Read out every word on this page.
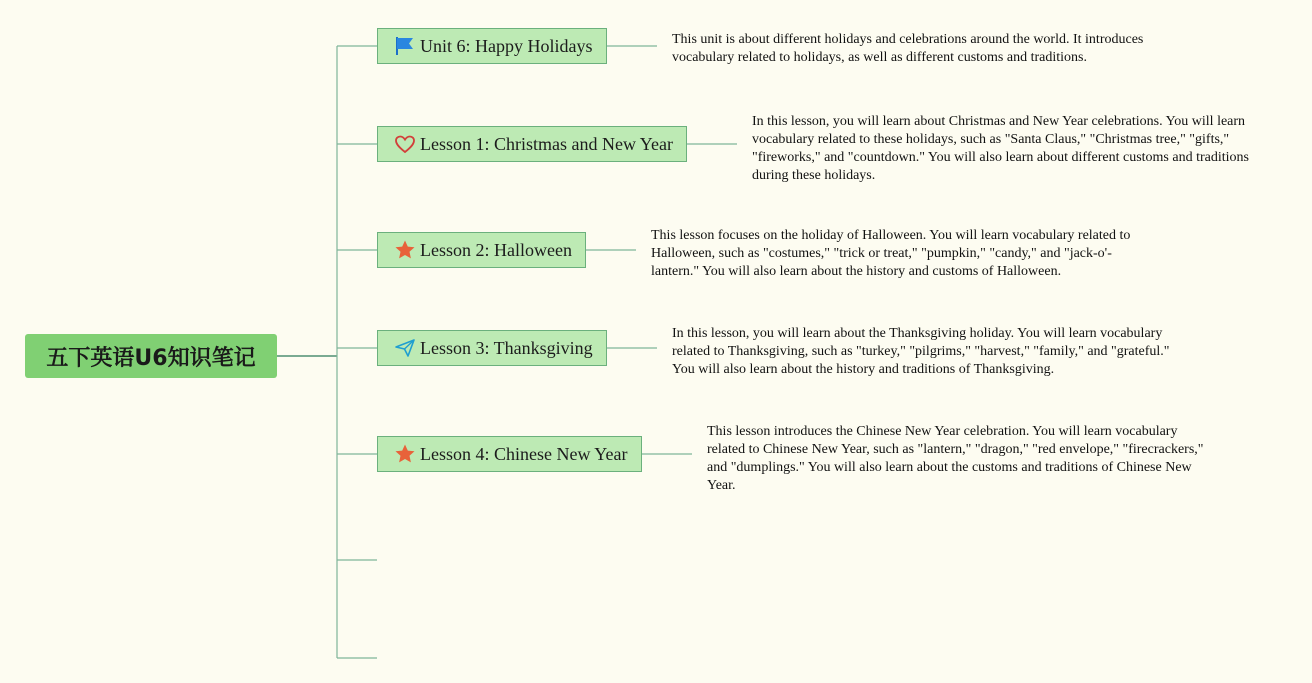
五下英语U6知识笔记
Unit 6: Happy Holidays	This unit is about different holidays and celebrations around the world. It introduces vocabulary related to holidays, as well as different customs and traditions.
Lesson 1: Christmas and New Year
In this lesson, you will learn about Christmas and New Year celebrations. You will learn vocabulary related to these holidays, such as "Santa Claus," "Christmas tree," "gifts," "fireworks," and "countdown." You will also learn about different customs and traditions during these holidays.
Lesson 2: Halloween
This lesson focuses on the holiday of Halloween. You will learn vocabulary related to Halloween, such as "costumes," "trick or treat," "pumpkin," "candy," and "jack-o'-lantern." You will also learn about the history and customs of Halloween.
Lesson 3: Thanksgiving
In this lesson, you will learn about the Thanksgiving holiday. You will learn vocabulary related to Thanksgiving, such as "turkey," "pilgrims," "harvest," "family," and "grateful." You will also learn about the history and traditions of Thanksgiving.
Lesson 4: Chinese New Year
This lesson introduces the Chinese New Year celebration. You will learn vocabulary related to Chinese New Year, such as "lantern," "dragon," "red envelope," "firecrackers," and "dumplings." You will also learn about the customs and traditions of Chinese New Year.
